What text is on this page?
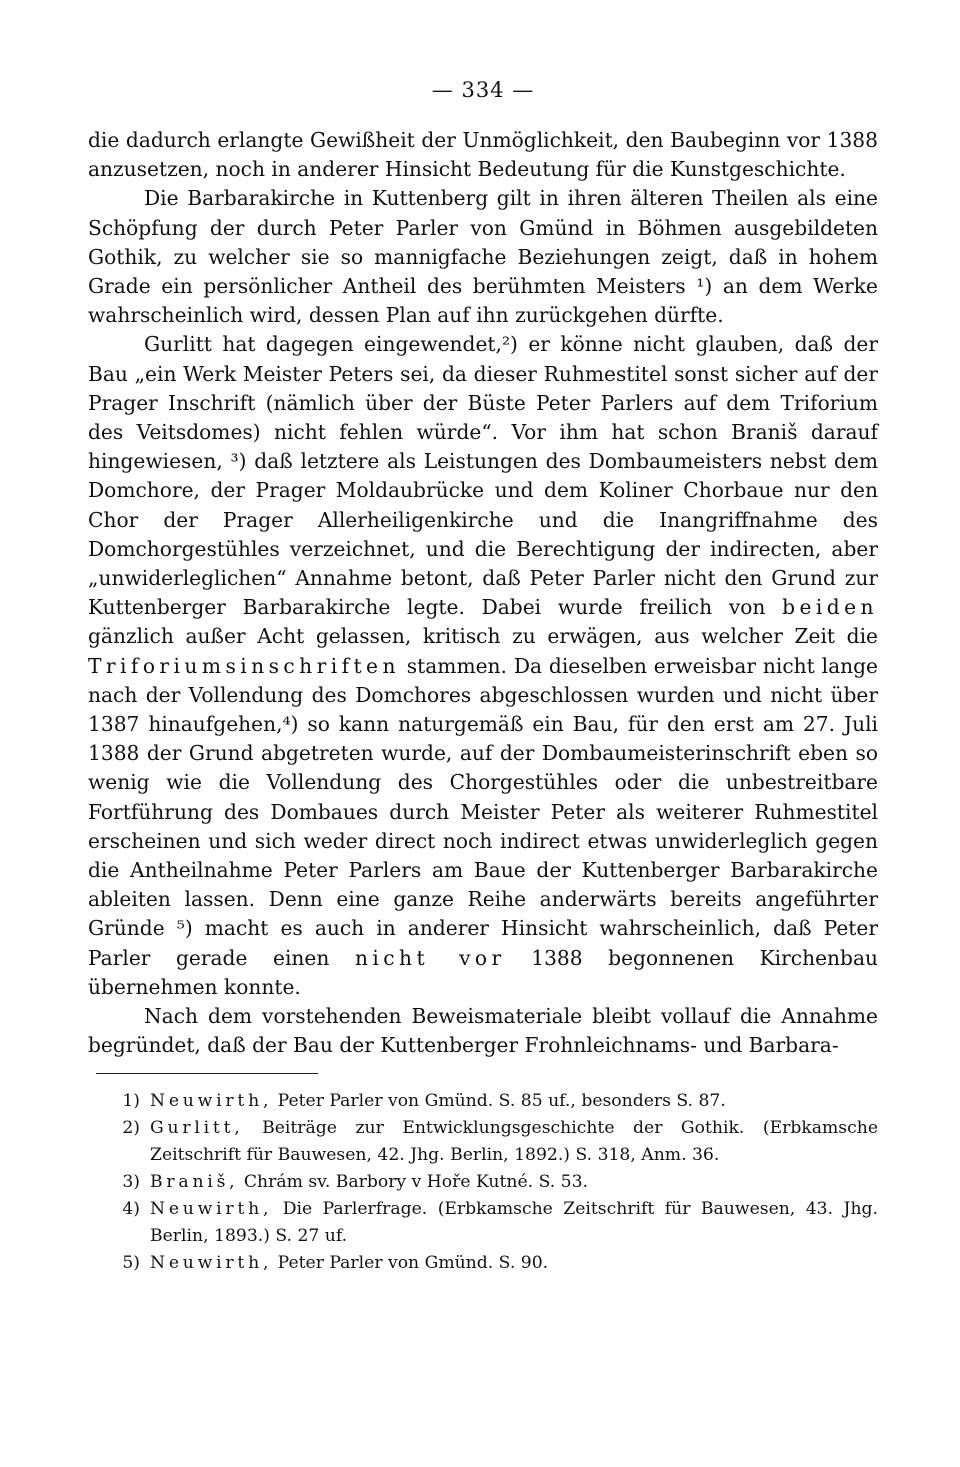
— 334 —

die dadurch erlangte Gewißheit der Unmöglichkeit, den Baubeginn vor 1388 anzusetzen, noch in anderer Hinsicht Bedeutung für die Kunstgeschichte.

Die Barbarakirche in Kuttenberg gilt in ihren älteren Theilen als eine Schöpfung der durch Peter Parler von Gmünd in Böhmen ausgebildeten Gothik, zu welcher sie so mannigfache Beziehungen zeigt, daß in hohem Grade ein persönlicher Antheil des berühmten Meisters ¹) an dem Werke wahrscheinlich wird, dessen Plan auf ihn zurückgehen dürfte.

Gurlitt hat dagegen eingewendet,²) er könne nicht glauben, daß der Bau „ein Werk Meister Peters sei, da dieser Ruhmestitel sonst sicher auf der Prager Inschrift (nämlich über der Büste Peter Parlers auf dem Triforium des Veitsdomes) nicht fehlen würde“. Vor ihm hat schon Braniš darauf hingewiesen, ³) daß letztere als Leistungen des Dombaumeisters nebst dem Domchore, der Prager Moldaubrücke und dem Koliner Chorbaue nur den Chor der Prager Allerheiligenkirche und die Inangriffnahme des Domchorgestühles verzeichnet, und die Berechtigung der indirecten, aber „unwiderleglichen“ Annahme betont, daß Peter Parler nicht den Grund zur Kuttenberger Barbarakirche legte. Dabei wurde freilich von beiden gänzlich außer Acht gelassen, kritisch zu erwägen, aus welcher Zeit die Triforiumsinschriften stammen. Da dieselben erweisbar nicht lange nach der Vollendung des Domchores abgeschlossen wurden und nicht über 1387 hinaufgehen,⁴) so kann naturgemäß ein Bau, für den erst am 27. Juli 1388 der Grund abgetreten wurde, auf der Dombaumeisterinschrift eben so wenig wie die Vollendung des Chorgestühles oder die unbestreitbare Fortführung des Dombaues durch Meister Peter als weiterer Ruhmestitel erscheinen und sich weder direct noch indirect etwas unwiderleglich gegen die Antheilnahme Peter Parlers am Baue der Kuttenberger Barbarakirche ableiten lassen. Denn eine ganze Reihe anderwärts bereits angeführter Gründe ⁵) macht es auch in anderer Hinsicht wahrscheinlich, daß Peter Parler gerade einen nicht vor 1388 begonnenen Kirchenbau übernehmen konnte.

Nach dem vorstehenden Beweismateriale bleibt vollauf die Annahme begründet, daß der Bau der Kuttenberger Frohnleichnams- und Barbara-

1) Neuwirth, Peter Parler von Gmünd. S. 85 uf., besonders S. 87.
2) Gurlitt, Beiträge zur Entwicklungsgeschichte der Gothik. (Erbkamsche Zeitschrift für Bauwesen, 42. Jhg. Berlin, 1892.) S. 318, Anm. 36.
3) Braniš, Chrám sv. Barbory v Hoře Kutné. S. 53.
4) Neuwirth, Die Parlerfrage. (Erbkamsche Zeitschrift für Bauwesen, 43. Jhg. Berlin, 1893.) S. 27 uf.
5) Neuwirth, Peter Parler von Gmünd. S. 90.
